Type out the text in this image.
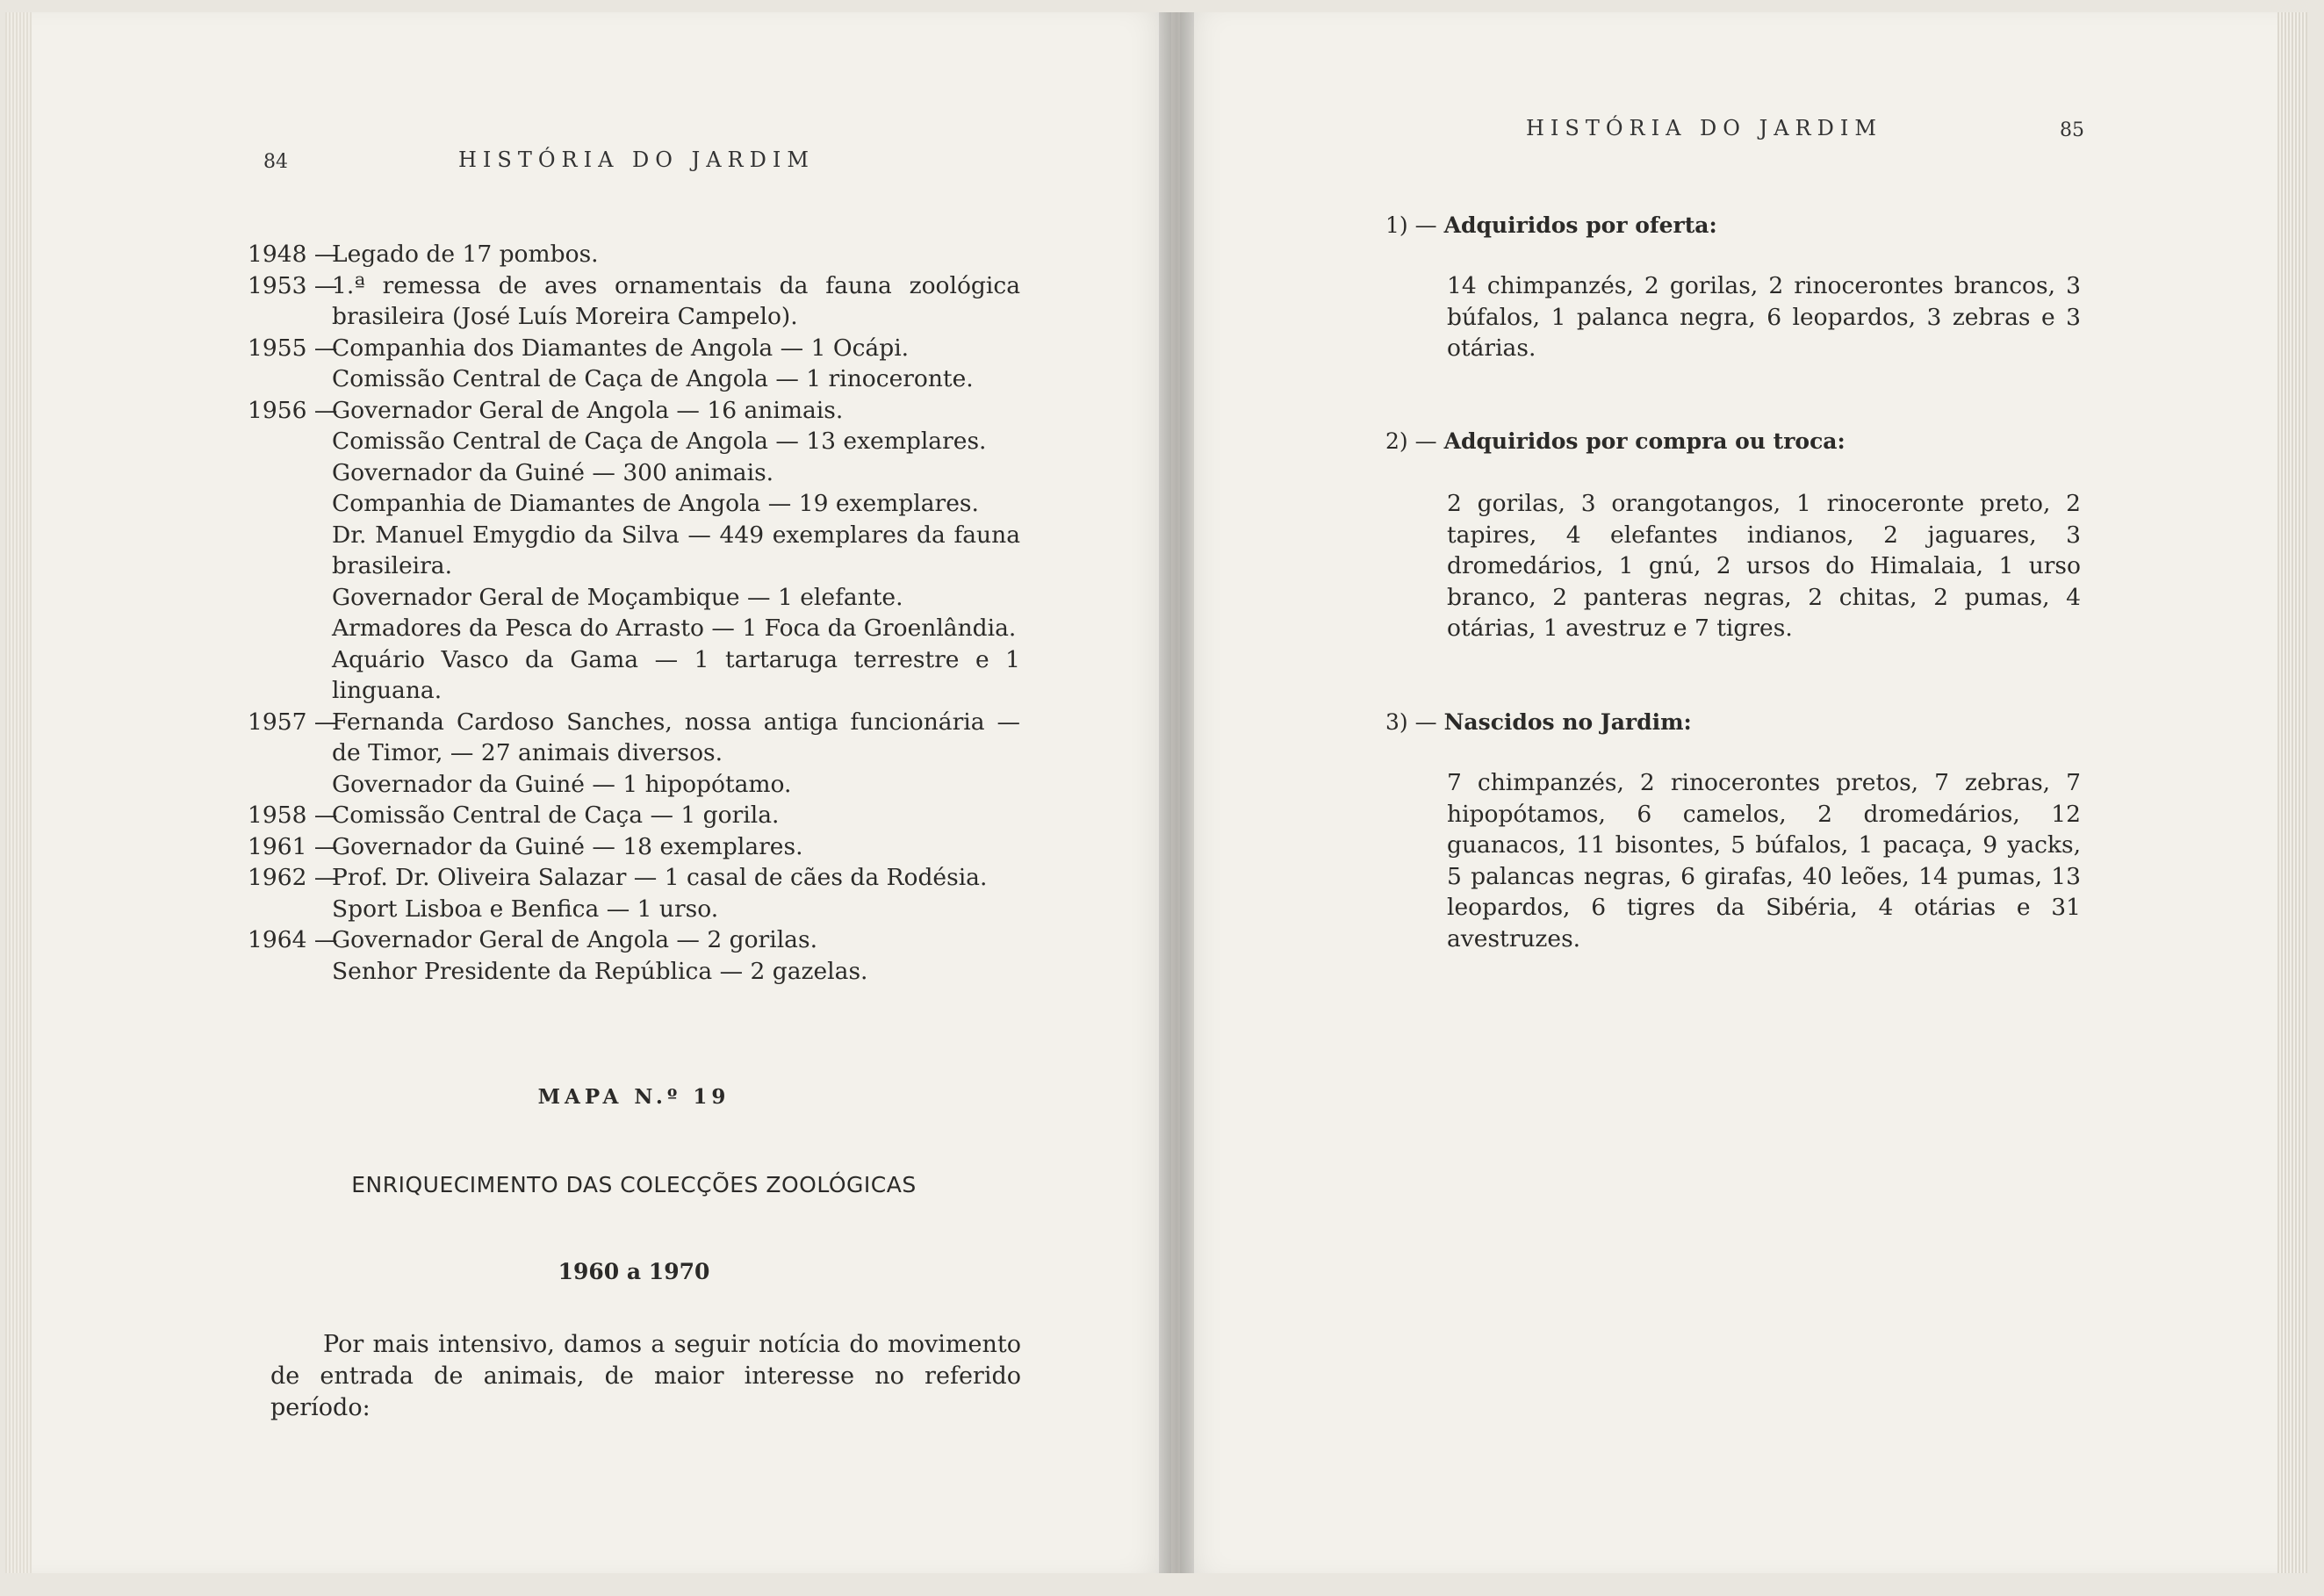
84	HISTÓRIA DO JARDIM
1948 —
Legado de 17 pombos.
1953 —
1.ª remessa de aves ornamentais da fauna zoológica brasileira (José Luís Moreira Campelo).
1955 —
Companhia dos Diamantes de Angola — 1 Ocápi.
Comissão Central de Caça de Angola — 1 rinoceronte.
1956 —
Governador Geral de Angola — 16 animais.
Comissão Central de Caça de Angola — 13 exemplares.
Governador da Guiné — 300 animais.
Companhia de Diamantes de Angola — 19 exemplares.
Dr. Manuel Emygdio da Silva — 449 exemplares da fauna brasileira.
Governador Geral de Moçambique — 1 elefante.
Armadores da Pesca do Arrasto — 1 Foca da Groenlândia.
Aquário Vasco da Gama — 1 tartaruga terrestre e 1 linguana.
1957 —
Fernanda Cardoso Sanches, nossa antiga funcionária — de Timor, — 27 animais diversos.
Governador da Guiné — 1 hipopótamo.
1958 —
Comissão Central de Caça — 1 gorila.
1961 —
Governador da Guiné — 18 exemplares.
1962 —
Prof. Dr. Oliveira Salazar — 1 casal de cães da Rodésia.
Sport Lisboa e Benfica — 1 urso.
1964 —
Governador Geral de Angola — 2 gorilas.
Senhor Presidente da República — 2 gazelas.
MAPA N.º 19
ENRIQUECIMENTO DAS COLECÇÕES ZOOLÓGICAS
1960 a 1970
Por mais intensivo, damos a seguir notícia do movimento de entrada de animais, de maior interesse no referido período:
HISTÓRIA DO JARDIM	85
1) — Adquiridos por oferta:
14 chimpanzés, 2 gorilas, 2 rinocerontes brancos, 3 búfalos, 1 palanca negra, 6 leopardos, 3 zebras e 3 otárias.
2) — Adquiridos por compra ou troca:
2 gorilas, 3 orangotangos, 1 rinoceronte preto, 2 tapires, 4 elefantes indianos, 2 jaguares, 3 dromedários, 1 gnú, 2 ursos do Himalaia, 1 urso branco, 2 panteras negras, 2 chitas, 2 pumas, 4 otárias, 1 avestruz e 7 tigres.
3) — Nascidos no Jardim:
7 chimpanzés, 2 rinocerontes pretos, 7 zebras, 7 hipopótamos, 6 camelos, 2 dromedários, 12 guanacos, 11 bisontes, 5 búfalos, 1 pacaça, 9 yacks, 5 palancas negras, 6 girafas, 40 leões, 14 pumas, 13 leopardos, 6 tigres da Sibéria, 4 otárias e 31 avestruzes.
